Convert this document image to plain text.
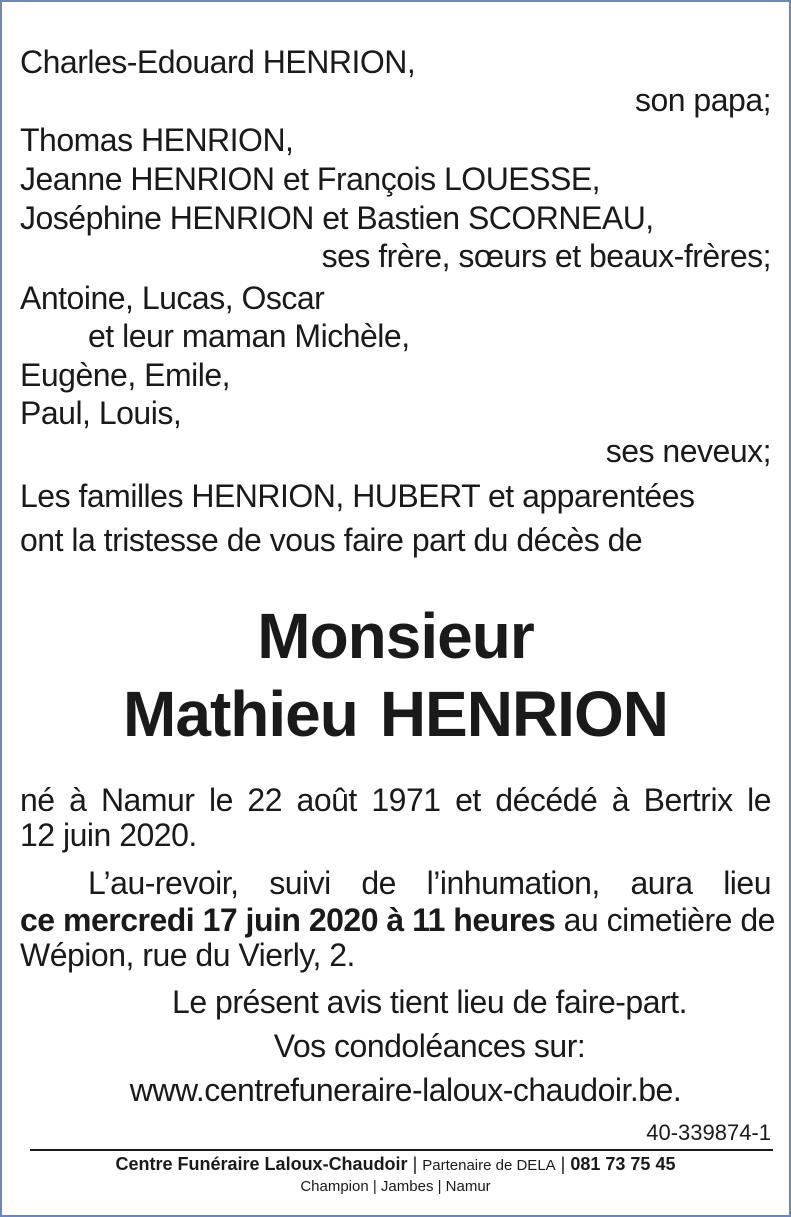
Charles-Edouard HENRION,
son papa;
Thomas HENRION,
Jeanne HENRION et François LOUESSE,
Joséphine HENRION et Bastien SCORNEAU,
ses frère, sœurs et beaux-frères;
Antoine, Lucas, Oscar
et leur maman Michèle,
Eugène, Emile,
Paul, Louis,
ses neveux;
Les familles HENRION, HUBERT et apparentées
ont la tristesse de vous faire part du décès de
Monsieur
Mathieu HENRION
né à Namur le 22 août 1971 et décédé à Bertrix le
12 juin 2020.
L’au-revoir, suivi de l’inhumation, aura lieu
ce mercredi 17 juin 2020 à 11 heures au cimetière de
Wépion, rue du Vierly, 2.
Le présent avis tient lieu de faire-part.
Vos condoléances sur:
www.centrefuneraire-laloux-chaudoir.be.
40-339874-1
Centre Funéraire Laloux-Chaudoir | Partenaire de DELA | 081 73 75 45
Champion | Jambes | Namur
